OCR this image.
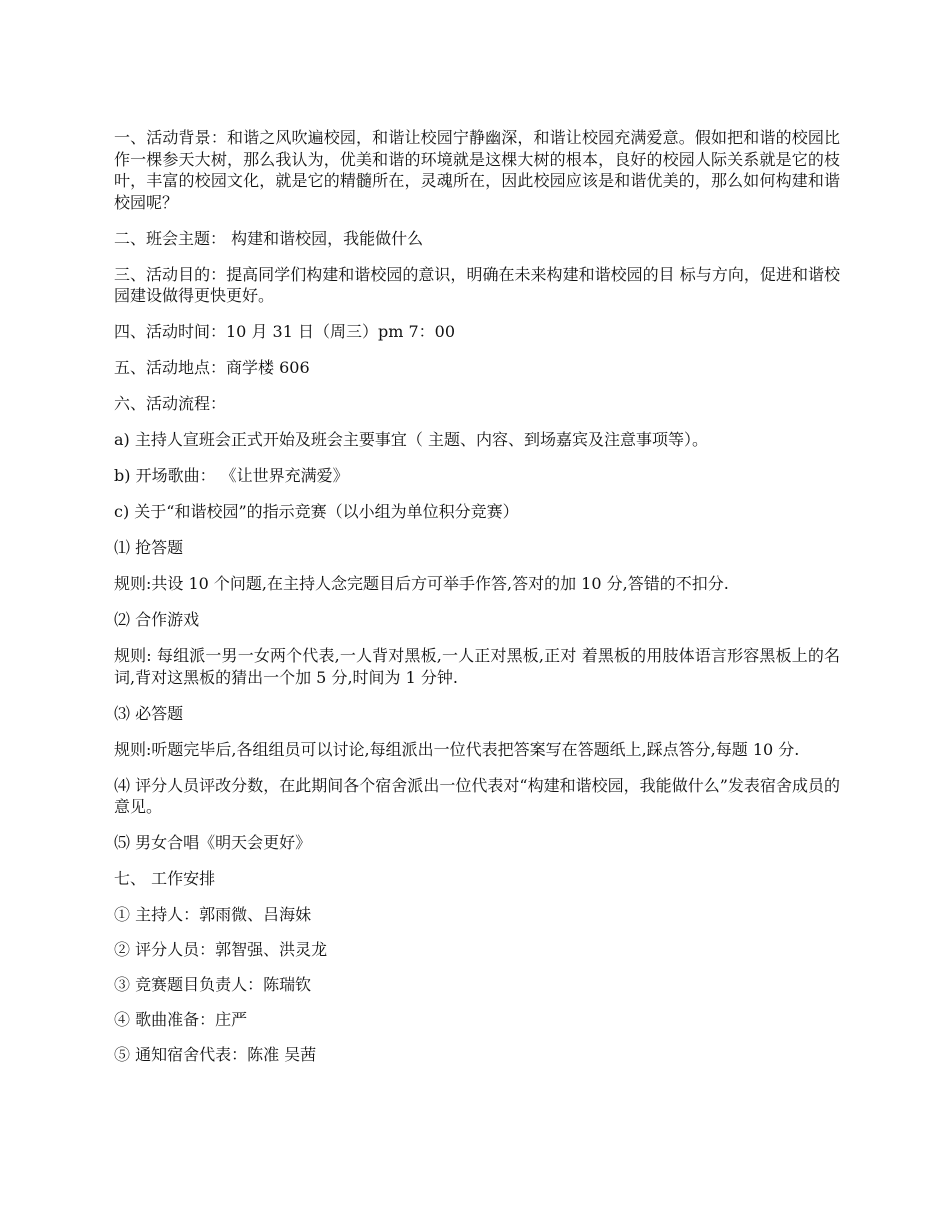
一、活动背景：和谐之风吹遍校园，和谐让校园宁静幽深，和谐让校园充满爱意。假如把和谐的校园比作一棵参天大树，那么我认为，优美和谐的环境就是这棵大树的根本，良好的校园人际关系就是它的枝叶，丰富的校园文化，就是它的精髓所在，灵魂所在，因此校园应该是和谐优美的，那么如何构建和谐校园呢？

二、班会主题： 构建和谐校园，我能做什么

三、活动目的：提高同学们构建和谐校园的意识，明确在未来构建和谐校园的目 标与方向，促进和谐校园建设做得更快更好。

四、活动时间：10 月 31 日（周三）pm 7：00

五、活动地点：商学楼 606

六、活动流程：

a) 主持人宣班会正式开始及班会主要事宜（ 主题、内容、到场嘉宾及注意事项等）。

b) 开场歌曲： 《让世界充满爱》

c) 关于“和谐校园”的指示竞赛（以小组为单位积分竞赛）

⑴ 抢答题

规则:共设 10 个问题,在主持人念完题目后方可举手作答,答对的加 10 分,答错的不扣分.

⑵ 合作游戏

规则: 每组派一男一女两个代表,一人背对黑板,一人正对黑板,正对 着黑板的用肢体语言形容黑板上的名词,背对这黑板的猜出一个加 5 分,时间为 1 分钟.

⑶ 必答题

规则:听题完毕后,各组组员可以讨论,每组派出一位代表把答案写在答题纸上,踩点答分,每题 10 分.

⑷ 评分人员评改分数，在此期间各个宿舍派出一位代表对“构建和谐校园，我能做什么”发表宿舍成员的意见。

⑸ 男女合唱《明天会更好》

七、 工作安排

① 主持人：郭雨微、吕海妹

② 评分人员：郭智强、洪灵龙

③ 竞赛题目负责人：陈瑞钦

④ 歌曲准备：庄严

⑤ 通知宿舍代表：陈准 吴茜
